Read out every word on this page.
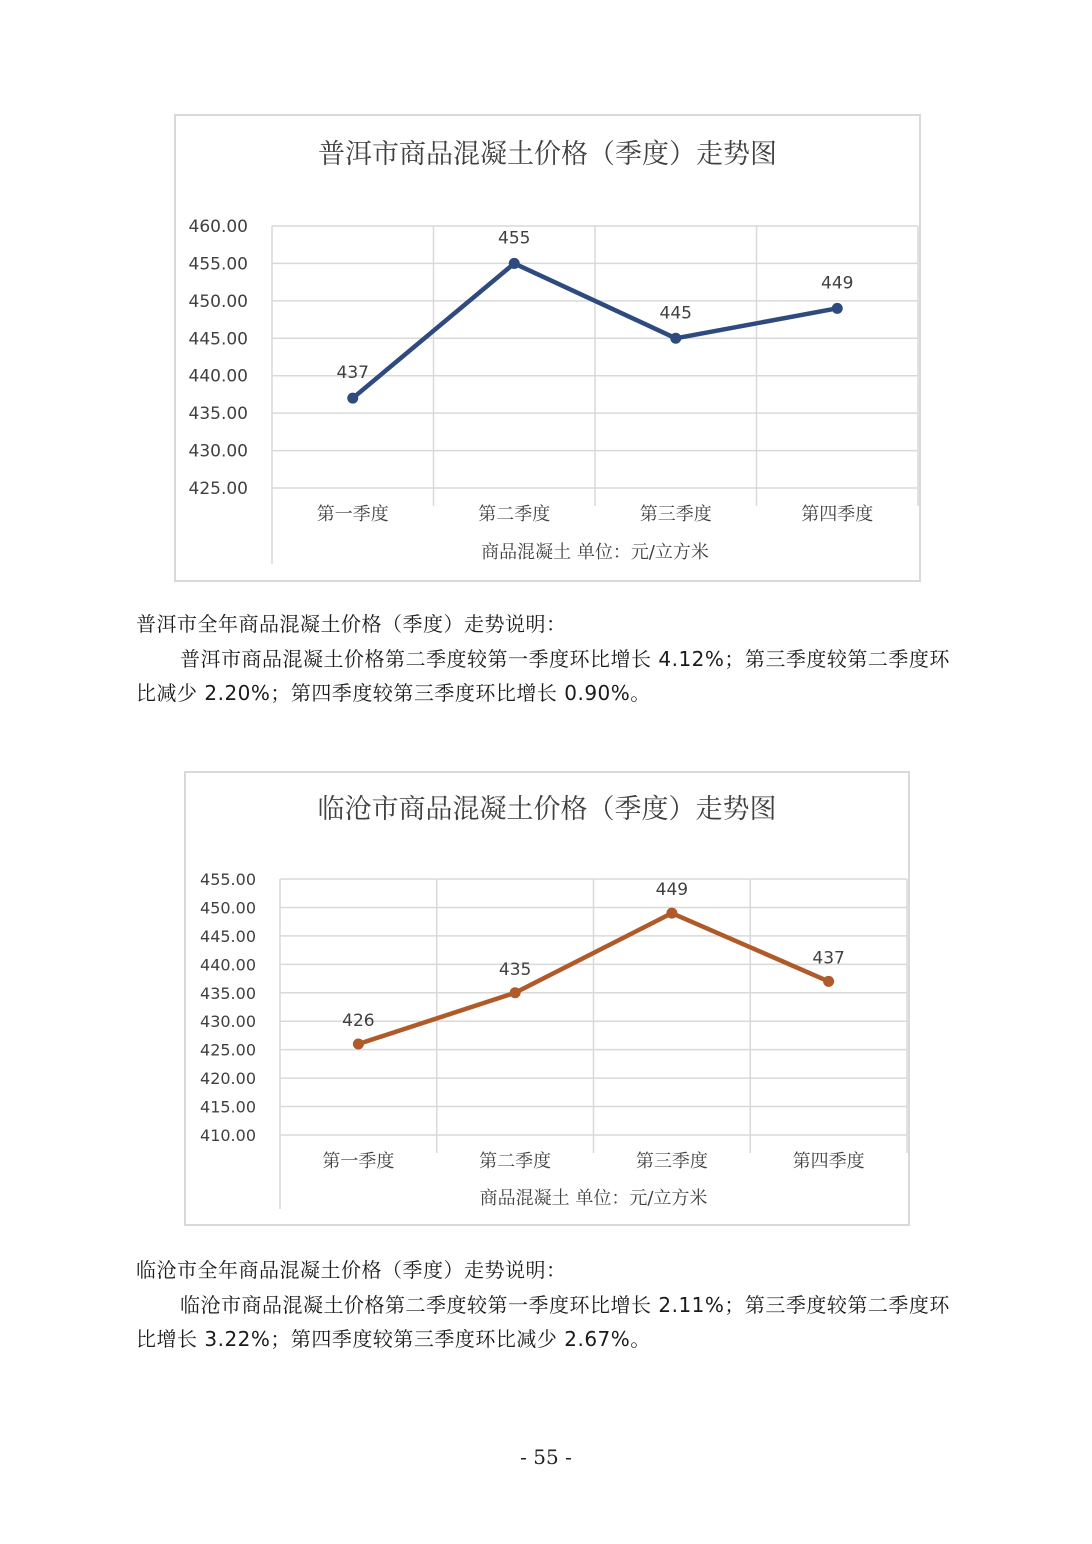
普洱市商品混凝土价格（季度）走势图
460.00
455.00
450.00
445.00
440.00
435.00
430.00
425.00
第一季度	第二季度	第三季度	第四季度
商品混凝土 单位：元/立方米
437
455
445
449

普洱市全年商品混凝土价格（季度）走势说明：

普洱市商品混凝土价格第二季度较第一季度环比增长 4.12%；第三季度较第二季度环比减少 2.20%；第四季度较第三季度环比增长 0.90%。

临沧市商品混凝土价格（季度）走势图
455.00
450.00
445.00
440.00
435.00
430.00
425.00
420.00
415.00
410.00
第一季度	第二季度	第三季度	第四季度
商品混凝土 单位：元/立方米
426
435
449
437

临沧市全年商品混凝土价格（季度）走势说明：

临沧市商品混凝土价格第二季度较第一季度环比增长 2.11%；第三季度较第二季度环比增长 3.22%；第四季度较第三季度环比减少 2.67%。

- 55 -
